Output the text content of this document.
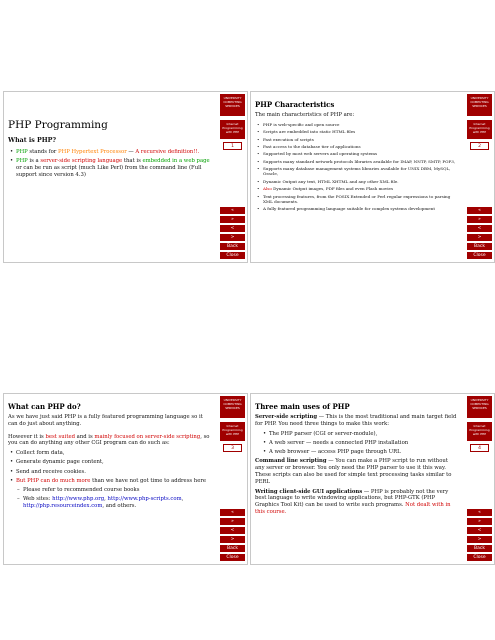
PHP Programming
What is PHP?
• PHP stands for PHP Hypertext Processor — A recursive definition!!.
• PHP is a server-side scripting language that is embedded in a web page or can be run as script (much Like Perl) from the command line (Full support since version 4.3)
UNIVERSITY COMPUTING SERVICES
Internet Programming with PHP
1
«
»
<
>
Back
Close
PHP Characteristics

The main characteristics of PHP are:

• PHP is web-specific and open source
• Scripts are embedded into static HTML files
• Fast execution of scripts
• Fast access to the database tier of applications
• Supported by most web servers and operating systems
• Supports many standard network protocols libraries available for IMAP, NNTP, SMTP, POP3,
• Supports many database management systems libraries available for UNIX DBM, MySQL, Oracle,
• Dynamic Output any text, HTML XHTML and any other XML file.
• Also Dynamic Output images, PDF files and even Flash movies
• Text processing features, from the POSIX Extended or Perl regular expressions to parsing XML documents.
• A fully featured programming language suitable for complex systems development
UNIVERSITY COMPUTING SERVICES
Internet Programming with PHP
2
«
»
<
>
Back
Close
What can PHP do?

As we have just said PHP is a fully featured programming language so it can do just about anything.

However it is best suited and is mainly focused on server-side scripting, so you can do anything any other CGI program can do such as:

• Collect form data,
• Generate dynamic page content,
• Send and receive cookies.
• But PHP can do much more than we have not got time to address here
– Please refer to recommended course books
– Web sites: http://www.php.org, http://www.php-scripts.com, http://php.resourceindex.com, and others.
UNIVERSITY COMPUTING SERVICES
Internet Programming with PHP
3
«
»
<
>
Back
Close
Three main uses of PHP

Server-side scripting — This is the most traditional and main target field for PHP. You need three things to make this work:

• The PHP parser (CGI or server-module),
• A web server — needs a connected PHP installation
• A web browser — access PHP page through URL

Command line scripting — You can make a PHP script to run without any server or browser. You only need the PHP parser to use it this way. These scripts can also be used for simple text processing tasks similar to PERL

Writing client-side GUI applications — PHP is probably not the very best language to write windowing applications, but PHP-GTK (PHP Graphics Tool Kit) can be used to write such programs. Not dealt with in this course.

UNIVERSITY COMPUTING SERVICES
Internet Programming with PHP
4
«
»
<
>
Back
Close
